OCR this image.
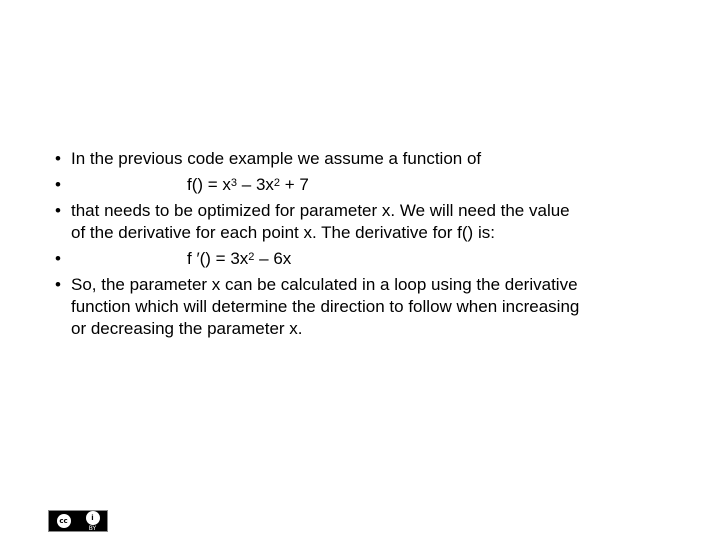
• In the previous code example we assume a function of
•	$f() = x^3 - 3x^2 + 7$
• that needs to be optimized for parameter x. We will need the value
of the derivative for each point x. The derivative for f() is:
•	f ′() = $3x^2 - 6x$
• So, the parameter x can be calculated in a loop using the derivative
function which will determine the direction to follow when increasing
or decreasing the parameter x.
cc	i
BY
